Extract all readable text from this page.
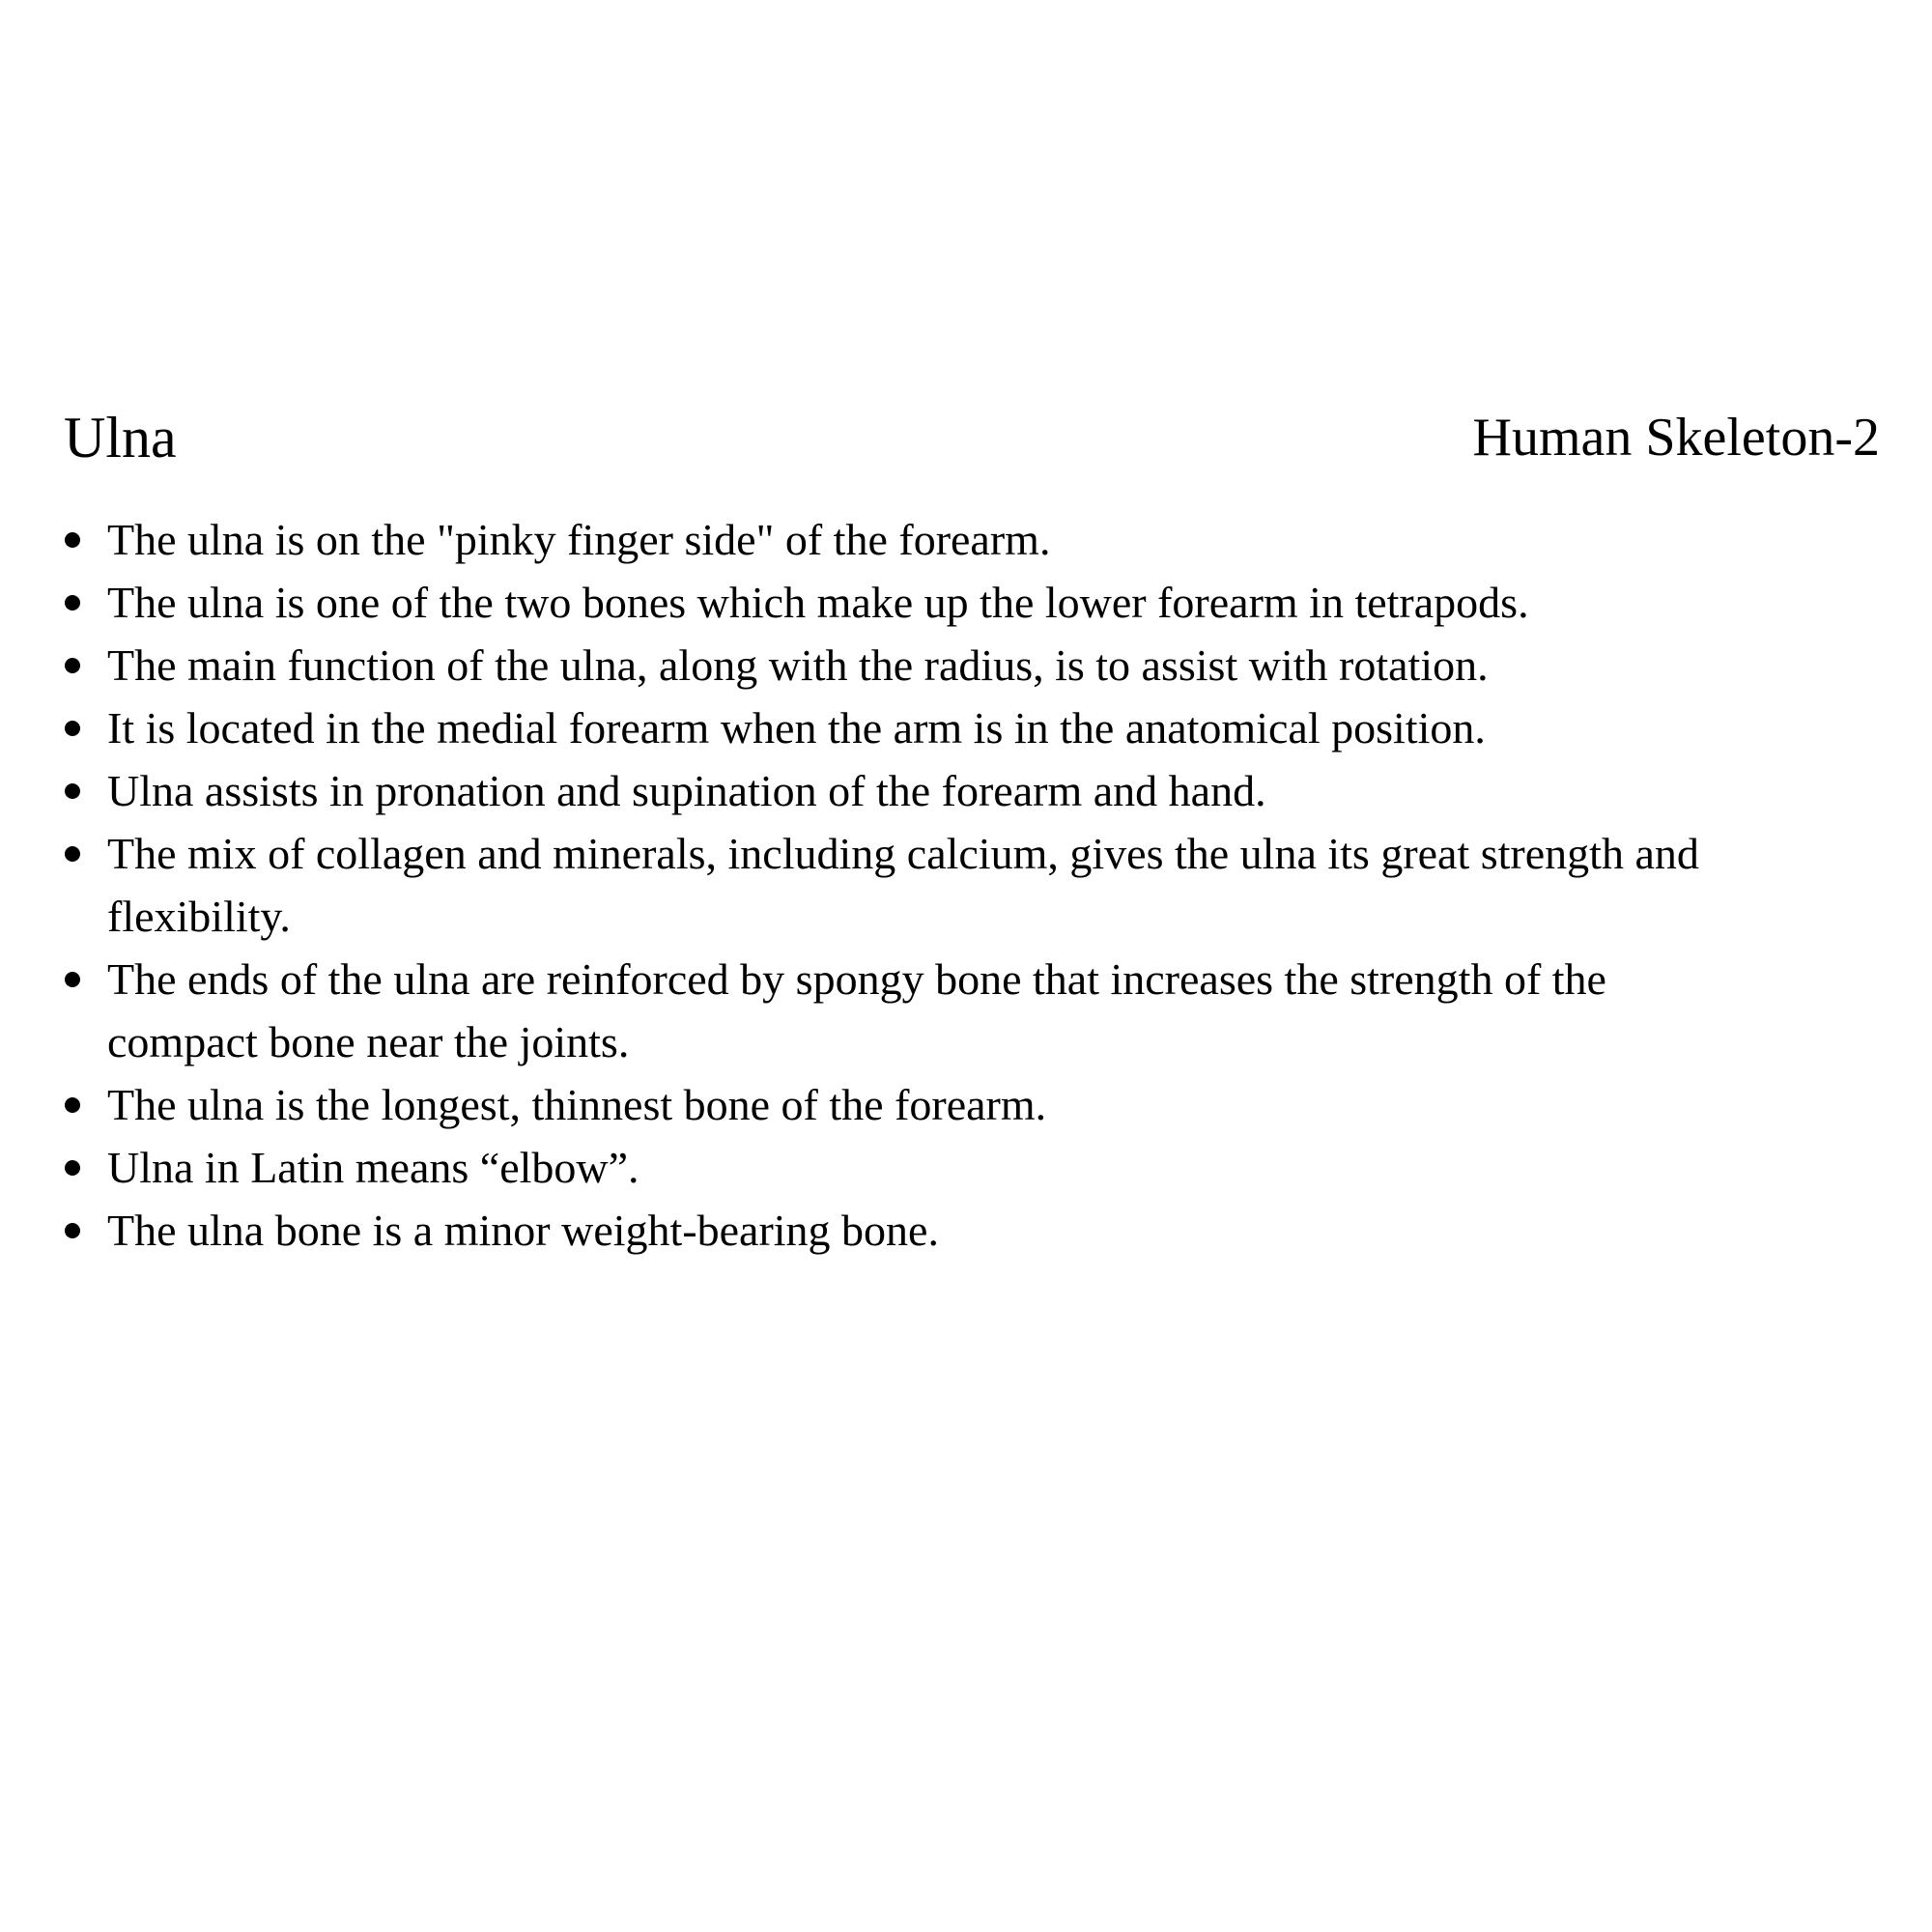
Ulna	Human Skeleton-2
The ulna is on the "pinky finger side" of the forearm.
The ulna is one of the two bones which make up the lower forearm in tetrapods.
The main function of the ulna, along with the radius, is to assist with rotation.
It is located in the medial forearm when the arm is in the anatomical position.
Ulna assists in pronation and supination of the forearm and hand.
The mix of collagen and minerals, including calcium, gives the ulna its great strength and
flexibility.
The ends of the ulna are reinforced by spongy bone that increases the strength of the
compact bone near the joints.
The ulna is the longest, thinnest bone of the forearm.
Ulna in Latin means “elbow”.
The ulna bone is a minor weight-bearing bone.
